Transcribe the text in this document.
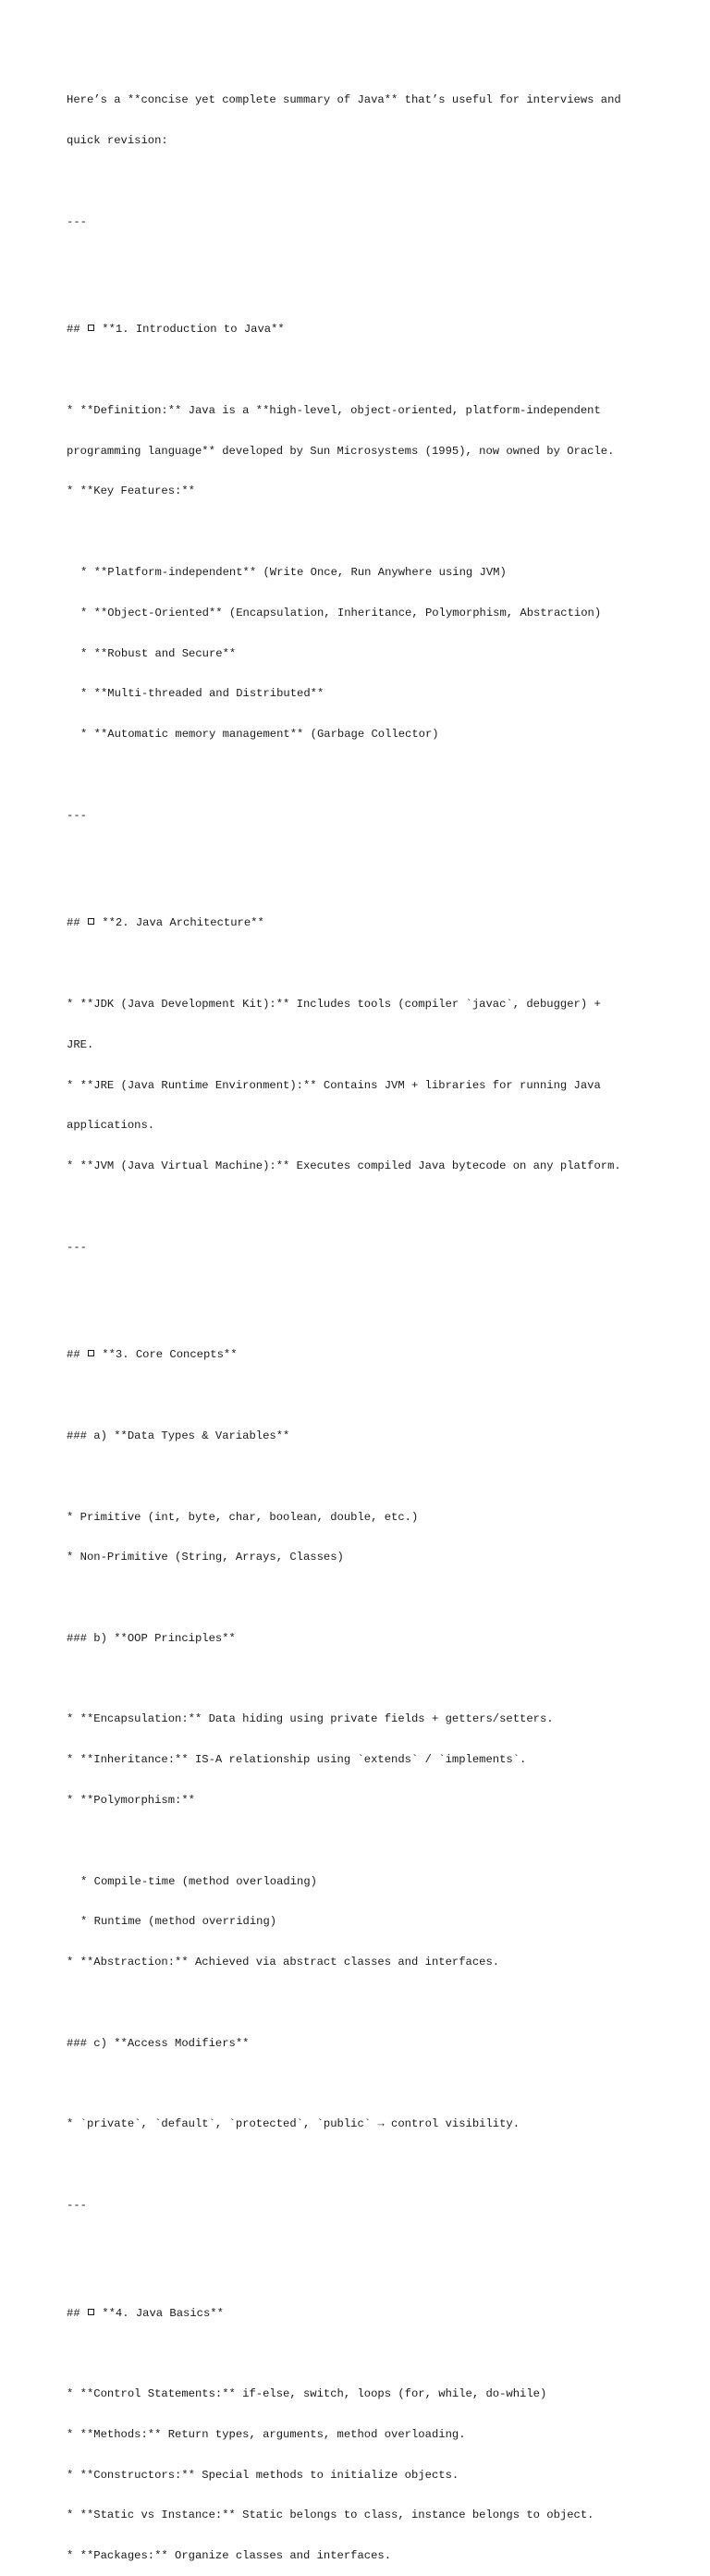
Here’s a **concise yet complete summary of Java** that’s useful for interviews and

quick revision:

---

##  **1. Introduction to Java**

* **Definition:** Java is a **high-level, object-oriented, platform-independent

programming language** developed by Sun Microsystems (1995), now owned by Oracle.

* **Key Features:**

* **Platform-independent** (Write Once, Run Anywhere using JVM)

* **Object-Oriented** (Encapsulation, Inheritance, Polymorphism, Abstraction)

* **Robust and Secure**

* **Multi-threaded and Distributed**

* **Automatic memory management** (Garbage Collector)

---

##  **2. Java Architecture**

* **JDK (Java Development Kit):** Includes tools (compiler `javac`, debugger) +

JRE.

* **JRE (Java Runtime Environment):** Contains JVM + libraries for running Java

applications.

* **JVM (Java Virtual Machine):** Executes compiled Java bytecode on any platform.

---

##  **3. Core Concepts**

### a) **Data Types & Variables**

* Primitive (int, byte, char, boolean, double, etc.)

* Non-Primitive (String, Arrays, Classes)

### b) **OOP Principles**

* **Encapsulation:** Data hiding using private fields + getters/setters.

* **Inheritance:** IS-A relationship using `extends` / `implements`.

* **Polymorphism:**

* Compile-time (method overloading)

* Runtime (method overriding)

* **Abstraction:** Achieved via abstract classes and interfaces.

### c) **Access Modifiers**

* `private`, `default`, `protected`, `public` → control visibility.

---

##  **4. Java Basics**

* **Control Statements:** if-else, switch, loops (for, while, do-while)

* **Methods:** Return types, arguments, method overloading.

* **Constructors:** Special methods to initialize objects.

* **Static vs Instance:** Static belongs to class, instance belongs to object.

* **Packages:** Organize classes and interfaces.
